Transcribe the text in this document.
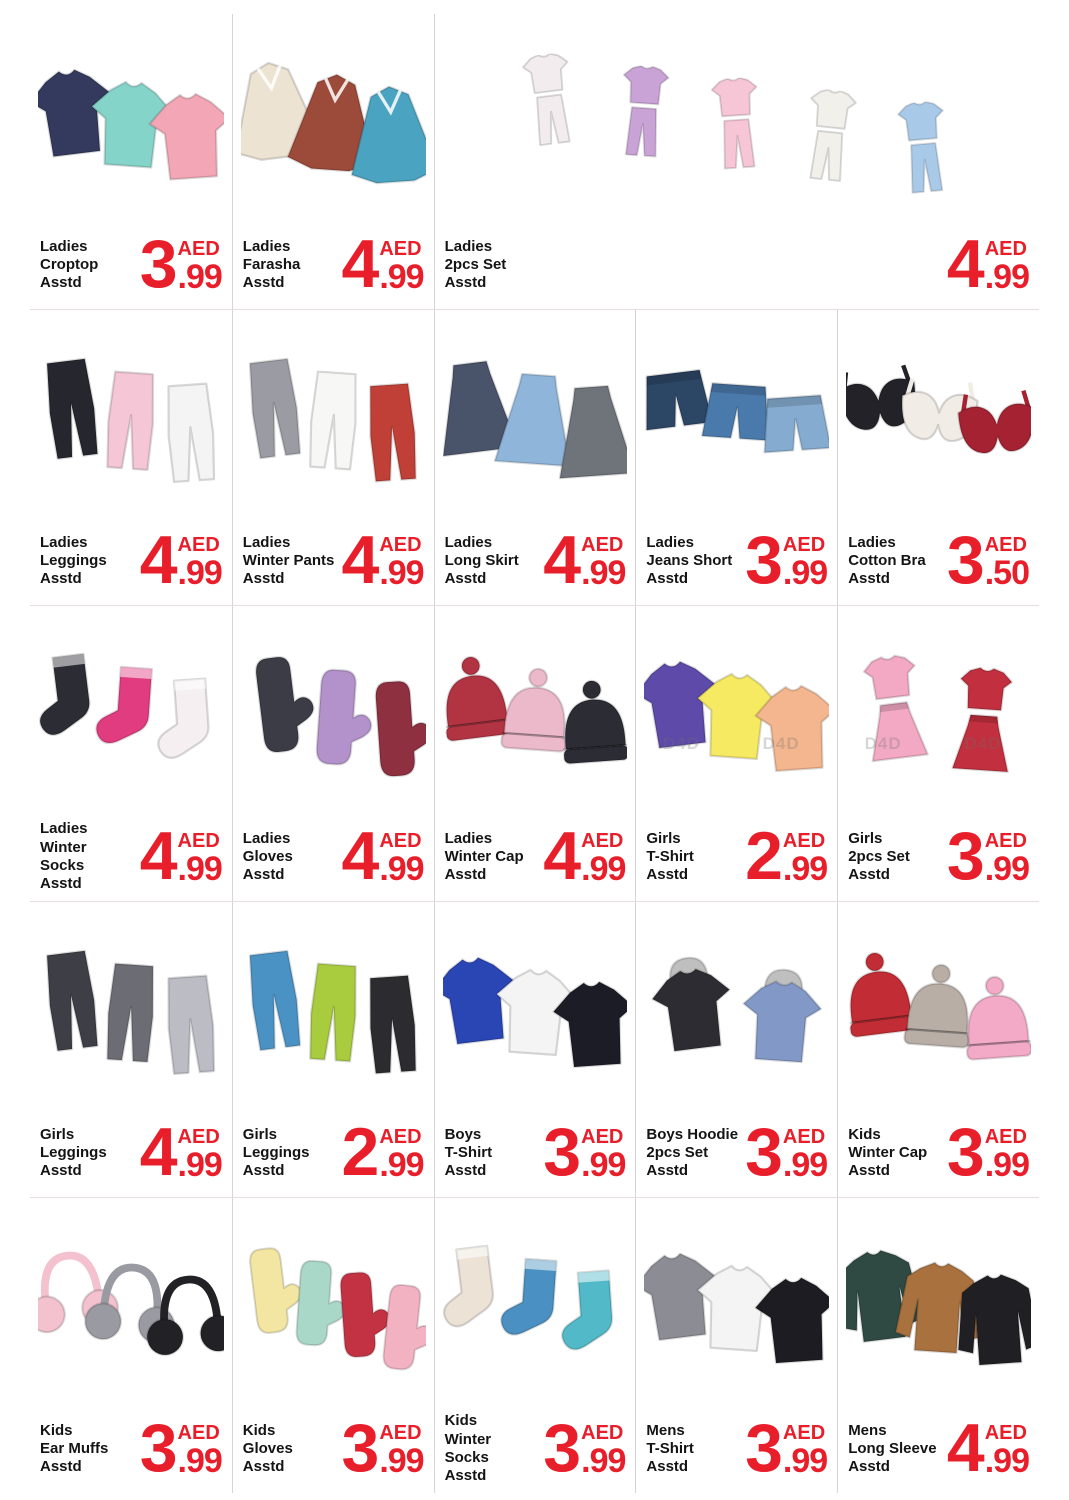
Ladies
Croptop
Asstd 3 AED
.99
Ladies
Farasha
Asstd 4 AED
.99
Ladies
2pcs Set
Asstd	4 AED
.99
Ladies
Leggings
Asstd 4 AED
.99
Ladies
Winter Pants
Asstd 4 AED
.99
Ladies
Long Skirt
Asstd 4 AED
.99
Ladies
Jeans Short
Asstd 3 AED
.99
Ladies
Cotton Bra
Asstd 3 AED
.50
Ladies
Winter Socks
Asstd 4 AED
.99
Ladies
Gloves
Asstd 4 AED
.99
Ladies
Winter Cap
Asstd 4 AED
.99
D4D	D4D
Girls
T-Shirt
Asstd 2 AED
.99
D4D	D4D
Girls
2pcs Set
Asstd 3 AED
.99
Girls
Leggings
Asstd 4 AED
.99
Girls
Leggings
Asstd 2 AED
.99
Boys
T-Shirt
Asstd 3 AED
.99
Boys Hoodie
2pcs Set
Asstd 3 AED
.99
Kids
Winter Cap
Asstd 3 AED
.99
Kids
Ear Muffs
Asstd 3 AED
.99
Kids
Gloves
Asstd 3 AED
.99
Kids
Winter Socks
Asstd 3 AED
.99
Mens
T-Shirt
Asstd 3 AED
.99
Mens
Long Sleeve
Asstd 4 AED
.99
